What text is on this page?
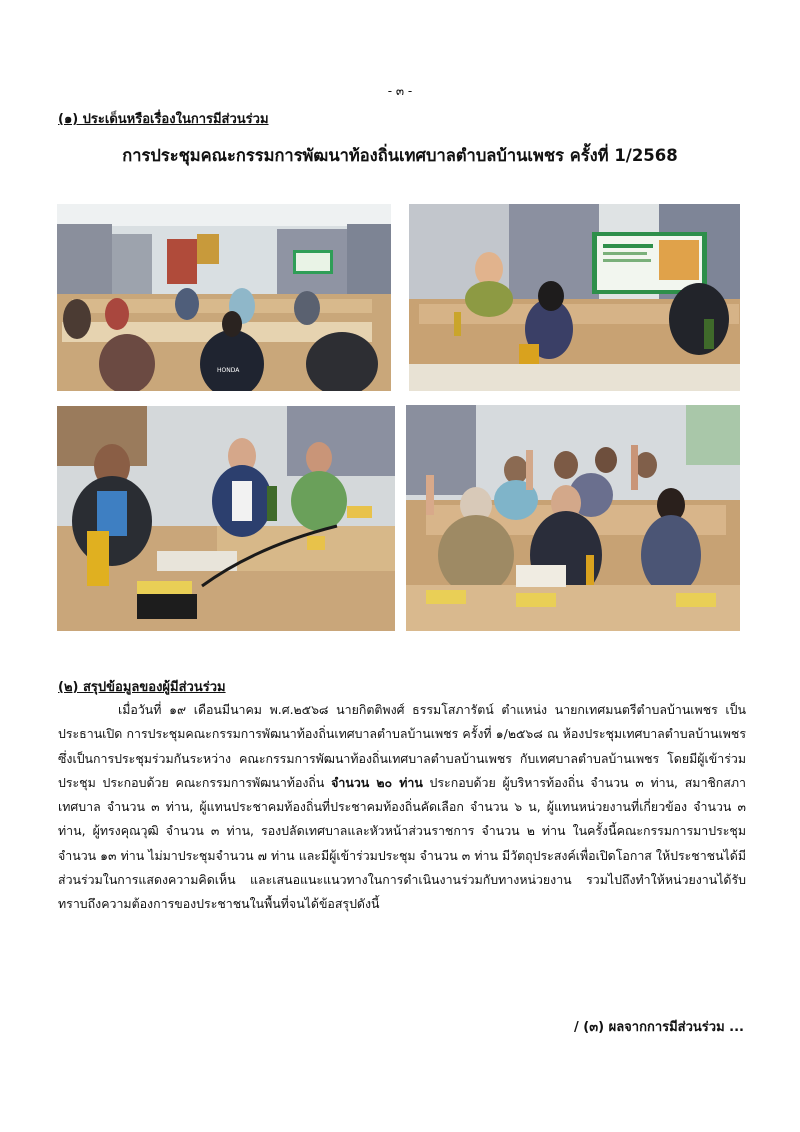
- ๓ -
(๑) ประเด็นหรือเรื่องในการมีส่วนร่วม
การประชุมคณะกรรมการพัฒนาท้องถิ่นเทศบาลตำบลบ้านเพชร ครั้งที่ 1/2568
HONDA
(๒) สรุปข้อมูลของผู้มีส่วนร่วม

เมื่อวันที่ ๑๙ เดือนมีนาคม พ.ศ.๒๕๖๘ นายกิตติพงศ์ ธรรมโสภารัตน์ ตำแหน่ง นายกเทศมนตรีตำบลบ้านเพชร เป็นประธานเปิด การประชุมคณะกรรมการพัฒนาท้องถิ่นเทศบาลตำบลบ้านเพชร ครั้งที่ ๑/๒๕๖๘ ณ ห้องประชุมเทศบาลตำบลบ้านเพชร ซึ่งเป็นการประชุมร่วมกันระหว่าง คณะกรรมการพัฒนาท้องถิ่นเทศบาลตำบลบ้านเพชร กับเทศบาลตำบลบ้านเพชร โดยมีผู้เข้าร่วมประชุม ประกอบด้วย คณะกรรมการพัฒนาท้องถิ่น จำนวน ๒๐ ท่าน ประกอบด้วย ผู้บริหารท้องถิ่น จำนวน ๓ ท่าน, สมาชิกสภาเทศบาล จำนวน ๓ ท่าน, ผู้แทนประชาคมท้องถิ่นที่ประชาคมท้องถิ่นคัดเลือก จำนวน ๖ น, ผู้แทนหน่วยงานที่เกี่ยวข้อง จำนวน ๓ ท่าน, ผู้ทรงคุณวุฒิ จำนวน ๓ ท่าน, รองปลัดเทศบาลและหัวหน้าส่วนราชการ จำนวน ๒ ท่าน ในครั้งนี้คณะกรรมการมาประชุม จำนวน ๑๓ ท่าน ไม่มาประชุมจำนวน ๗ ท่าน และมีผู้เข้าร่วมประชุม จำนวน ๓ ท่าน มีวัตถุประสงค์เพื่อเปิดโอกาส ให้ประชาชนได้มีส่วนร่วมในการแสดงความคิดเห็น และเสนอแนะแนวทางในการดำเนินงานร่วมกับทางหน่วยงาน รวมไปถึงทำให้หน่วยงานได้รับทราบถึงความต้องการของประชาชนในพื้นที่จนได้ข้อสรุปดังนี้

/ (๓) ผลจากการมีส่วนร่วม ...
